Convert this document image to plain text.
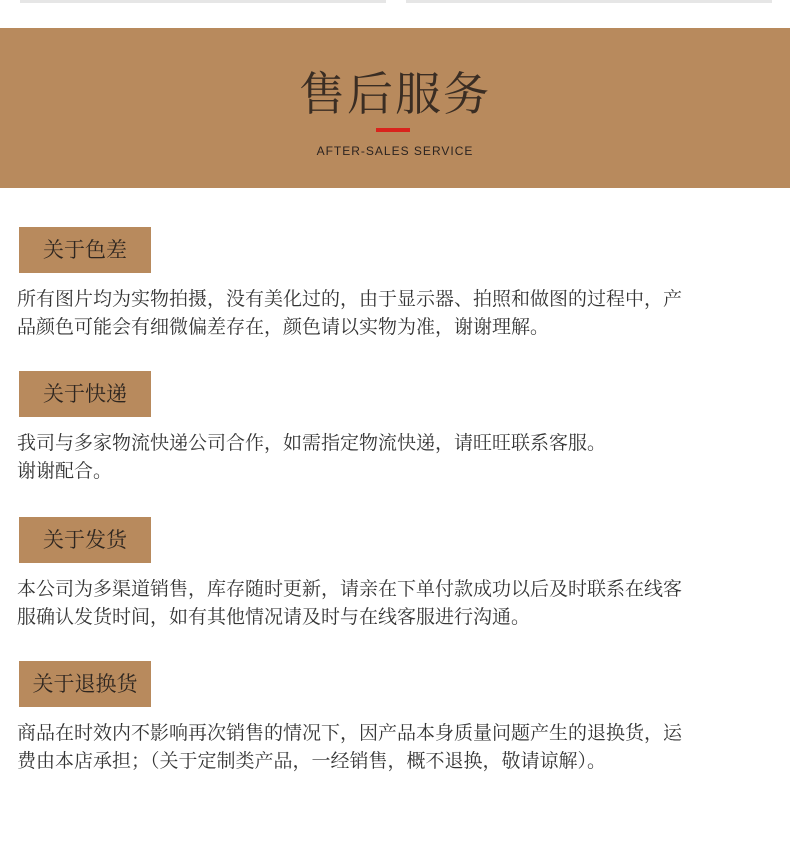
售后服务
AFTER-SALES SERVICE
关于色差

所有图片均为实物拍摄，没有美化过的，由于显示器、拍照和做图的过程中，产
品颜色可能会有细微偏差存在，颜色请以实物为准，谢谢理解。

关于快递

我司与多家物流快递公司合作，如需指定物流快递，请旺旺联系客服。
谢谢配合。

关于发货

本公司为多渠道销售，库存随时更新，请亲在下单付款成功以后及时联系在线客
服确认发货时间，如有其他情况请及时与在线客服进行沟通。

关于退换货

商品在时效内不影响再次销售的情况下，因产品本身质量问题产生的退换货，运
费由本店承担；（关于定制类产品，一经销售，概不退换，敬请谅解）。
